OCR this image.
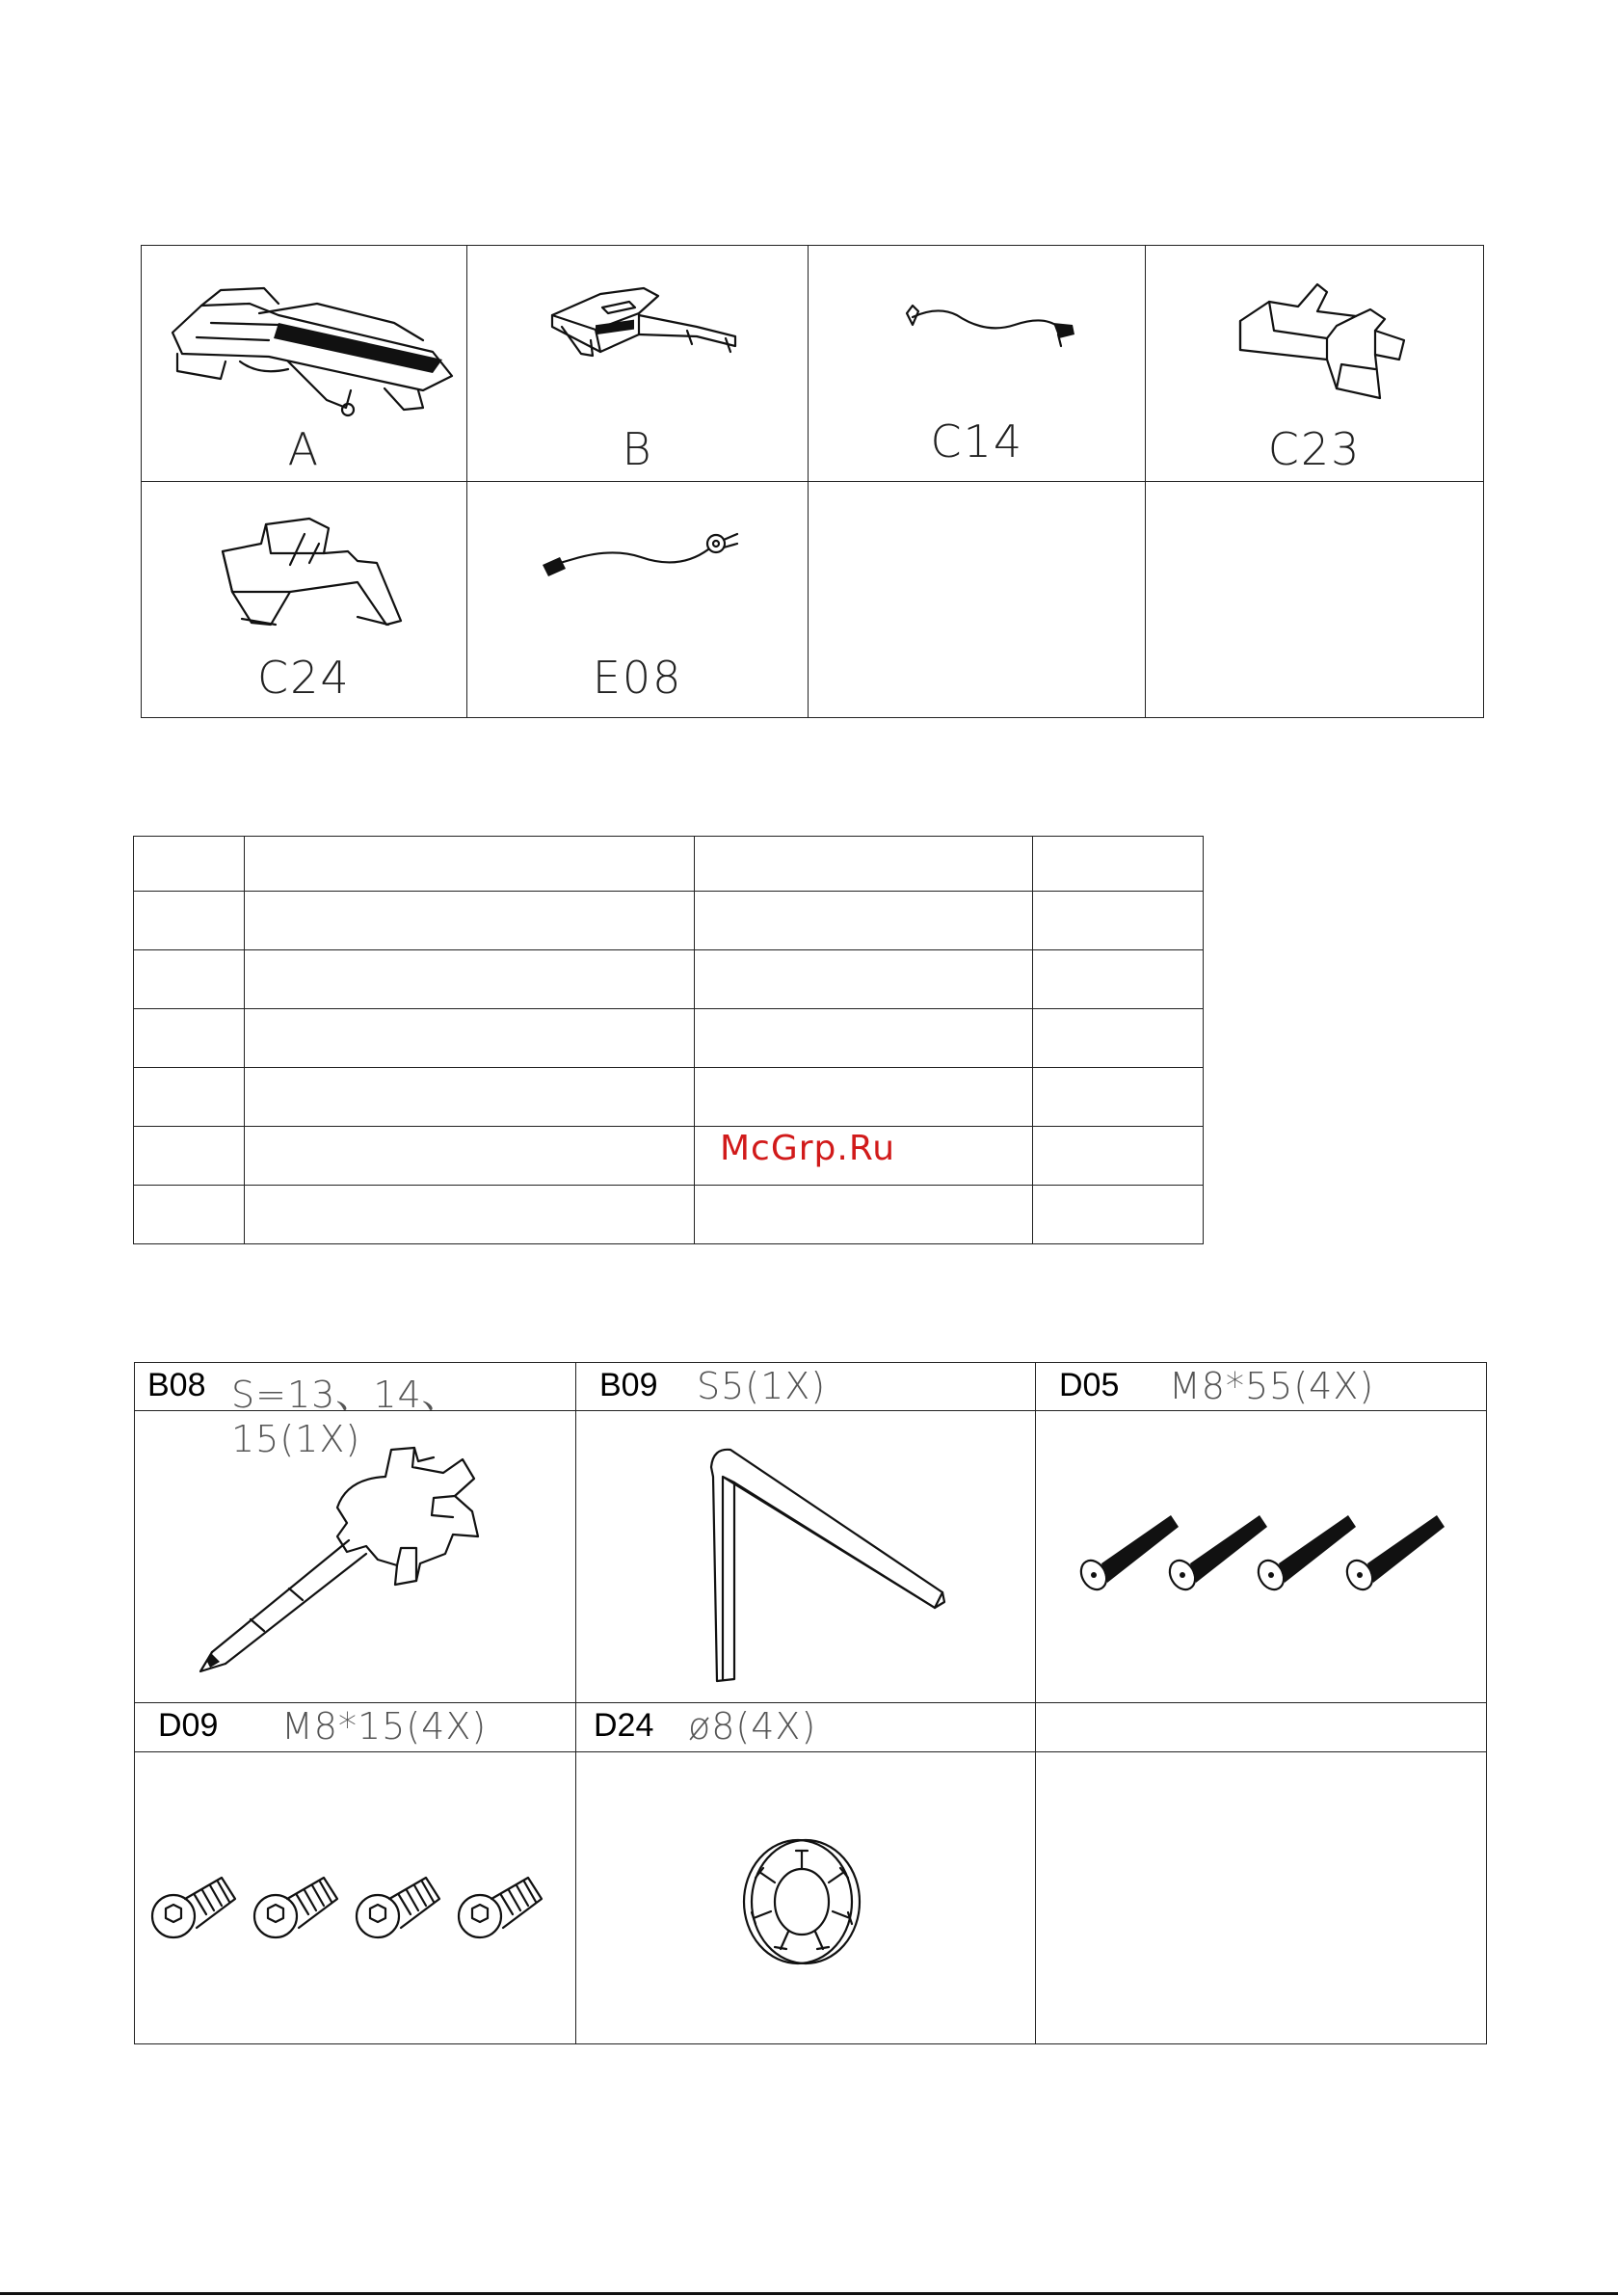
A	B	C14	C23

C24	E08		

McGrp.Ru
B08 S=13、14、15(1X)	B09 S5(1X)	D05 M8*55(4X)

D09 M8*15(4X)	D24 ø8(4X)	
